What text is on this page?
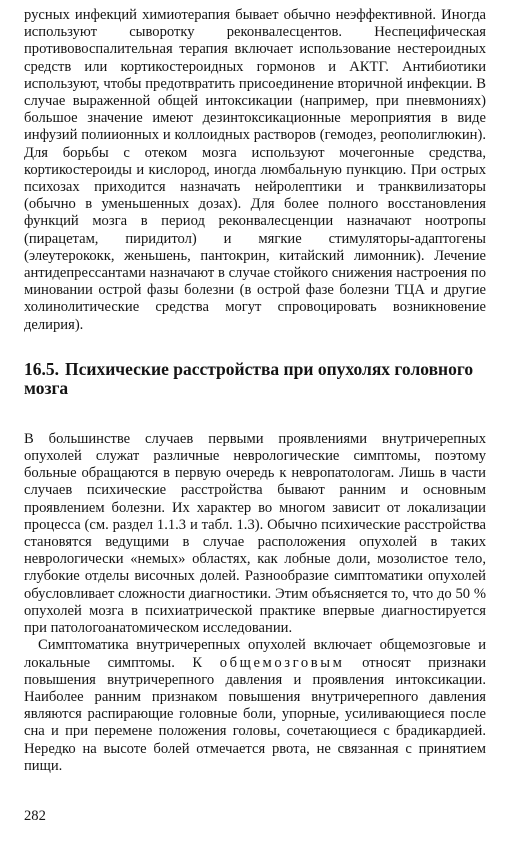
русных инфекций химиотерапия бывает обычно неэффективной. Иногда используют сыворотку реконвалесцентов. Неспецифическая противовоспалительная терапия включает использование нестероидных средств или кортикостероидных гормонов и АКТГ. Антибиотики используют, чтобы предотвратить присоединение вторичной инфекции. В случае выраженной общей интоксикации (например, при пневмониях) большое значение имеют дезинтоксикационные мероприятия в виде инфузий полиионных и коллоидных растворов (гемодез, реополиглюкин). Для борьбы с отеком мозга используют мочегонные средства, кортикостероиды и кислород, иногда люмбальную пункцию. При острых психозах приходится назначать нейролептики и транквилизаторы (обычно в уменьшенных дозах). Для более полного восстановления функций мозга в период реконвалесценции назначают ноотропы (пирацетам, пиридитол) и мягкие стимуляторы-адаптогены (элеутерококк, женьшень, пантокрин, китайский лимонник). Лечение антидепрессантами назначают в случае стойкого снижения настроения по миновании острой фазы болезни (в острой фазе болезни ТЦА и другие холинолитические средства могут спровоцировать возникновение делирия).

16.5. Психические расстройства при опухолях головного мозга

В большинстве случаев первыми проявлениями внутричерепных опухолей служат различные неврологические симптомы, поэтому больные обращаются в первую очередь к невропатологам. Лишь в части случаев психические расстройства бывают ранним и основным проявлением болезни. Их характер во многом зависит от локализации процесса (см. раздел 1.1.3 и табл. 1.3). Обычно психические расстройства становятся ведущими в случае расположения опухолей в таких неврологически «немых» областях, как лобные доли, мозолистое тело, глубокие отделы височных долей. Разнообразие симптоматики опухолей обусловливает сложности диагностики. Этим объясняется то, что до 50 % опухолей мозга в психиатрической практике впервые диагностируется при патологоанатомическом исследовании.

Симптоматика внутричерепных опухолей включает общемозговые и локальные симптомы. К общемозговым относят признаки повышения внутричерепного давления и проявления интоксикации. Наиболее ранним признаком повышения внутричерепного давления являются распирающие головные боли, упорные, усиливающиеся после сна и при перемене положения головы, сочетающиеся с брадикардией. Нередко на высоте болей отмечается рвота, не связанная с принятием пищи.

282
